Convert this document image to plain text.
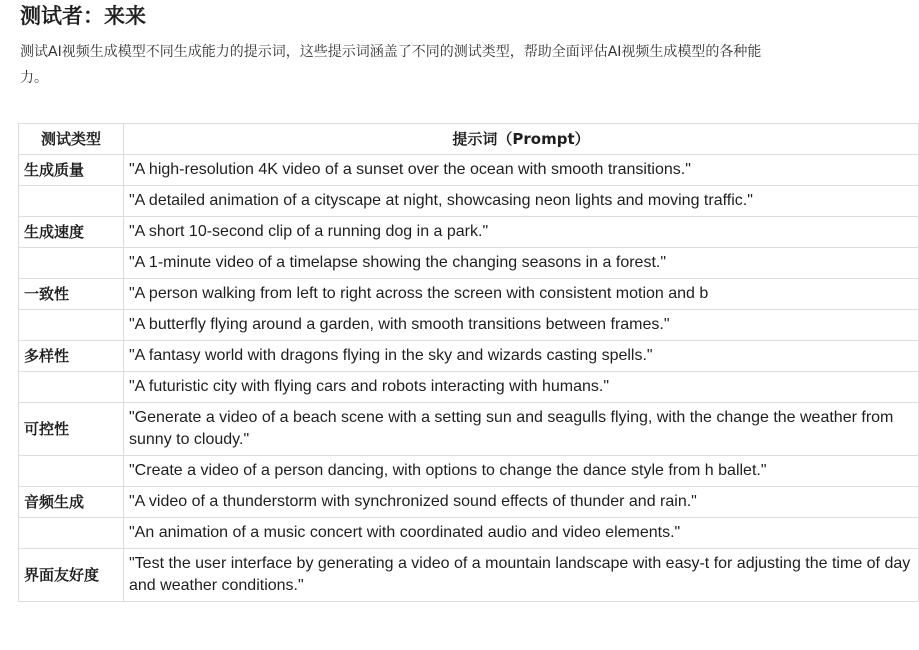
测试者：来来
测试AI视频生成模型不同生成能力的提示词，这些提示词涵盖了不同的测试类型，帮助全面评估AI视频生成模型的各种能力。
测试类型	提示词（Prompt）
生成质量	"A high-resolution 4K video of a sunset over the ocean with smooth transitions."
	"A detailed animation of a cityscape at night, showcasing neon lights and moving traffic."
生成速度	"A short 10-second clip of a running dog in a park."
	"A 1-minute video of a timelapse showing the changing seasons in a forest."
一致性	"A person walking from left to right across the screen with consistent motion and b
	"A butterfly flying around a garden, with smooth transitions between frames."
多样性	"A fantasy world with dragons flying in the sky and wizards casting spells."
	"A futuristic city with flying cars and robots interacting with humans."
可控性	"Generate a video of a beach scene with a setting sun and seagulls flying, with the change the weather from sunny to cloudy."
	"Create a video of a person dancing, with options to change the dance style from h ballet."
音频生成	"A video of a thunderstorm with synchronized sound effects of thunder and rain."
	"An animation of a music concert with coordinated audio and video elements."
界面友好度	"Test the user interface by generating a video of a mountain landscape with easy-t for adjusting the time of day and weather conditions."
